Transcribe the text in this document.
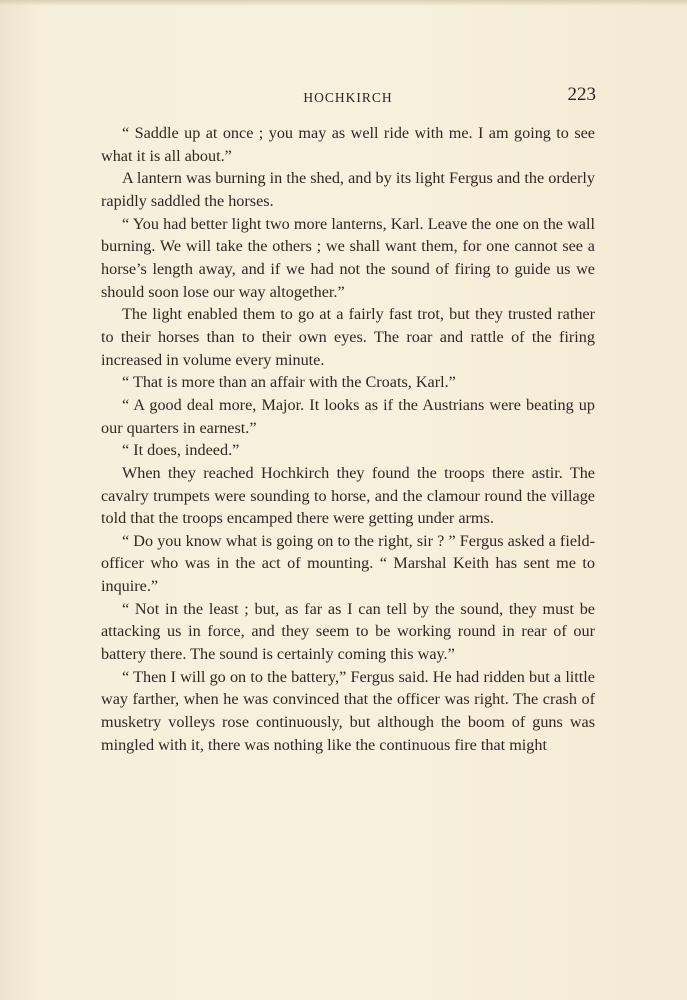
HOCHKIRCH	223

“ Saddle up at once ; you may as well ride with me. I am going to see what it is all about.”

A lantern was burning in the shed, and by its light Fergus and the orderly rapidly saddled the horses.

“ You had better light two more lanterns, Karl. Leave the one on the wall burning. We will take the others ; we shall want them, for one cannot see a horse’s length away, and if we had not the sound of firing to guide us we should soon lose our way altogether.”

The light enabled them to go at a fairly fast trot, but they trusted rather to their horses than to their own eyes. The roar and rattle of the firing increased in volume every minute.

“ That is more than an affair with the Croats, Karl.”

“ A good deal more, Major. It looks as if the Austrians were beating up our quarters in earnest.”

“ It does, indeed.”

When they reached Hochkirch they found the troops there astir. The cavalry trumpets were sounding to horse, and the clamour round the village told that the troops encamped there were getting under arms.

“ Do you know what is going on to the right, sir ? ” Fergus asked a field-officer who was in the act of mounting. “ Marshal Keith has sent me to inquire.”

“ Not in the least ; but, as far as I can tell by the sound, they must be attacking us in force, and they seem to be working round in rear of our battery there. The sound is certainly coming this way.”

“ Then I will go on to the battery,” Fergus said. He had ridden but a little way farther, when he was convinced that the officer was right. The crash of musketry volleys rose continuously, but although the boom of guns was mingled with it, there was nothing like the continuous fire that might
